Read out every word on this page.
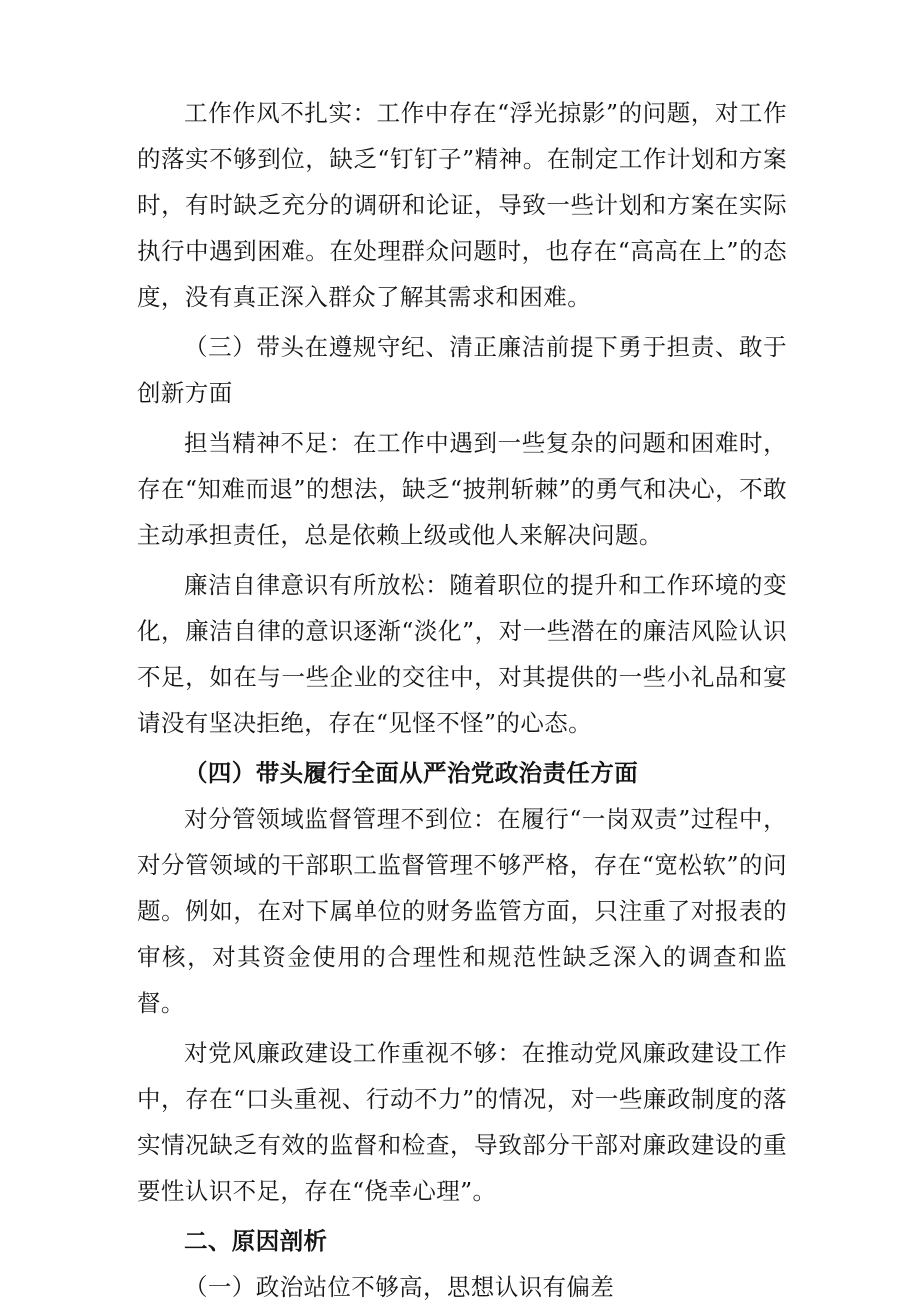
工作作风不扎实：工作中存在“浮光掠影”的问题，对工作的落实不够到位，缺乏“钉钉子”精神。在制定工作计划和方案时，有时缺乏充分的调研和论证，导致一些计划和方案在实际执行中遇到困难。在处理群众问题时，也存在“高高在上”的态度，没有真正深入群众了解其需求和困难。

（三）带头在遵规守纪、清正廉洁前提下勇于担责、敢于创新方面

担当精神不足：在工作中遇到一些复杂的问题和困难时，存在“知难而退”的想法，缺乏“披荆斩棘”的勇气和决心，不敢主动承担责任，总是依赖上级或他人来解决问题。

廉洁自律意识有所放松：随着职位的提升和工作环境的变化，廉洁自律的意识逐渐“淡化”，对一些潜在的廉洁风险认识不足，如在与一些企业的交往中，对其提供的一些小礼品和宴请没有坚决拒绝，存在“见怪不怪”的心态。

（四）带头履行全面从严治党政治责任方面

对分管领域监督管理不到位：在履行“一岗双责”过程中，对分管领域的干部职工监督管理不够严格，存在“宽松软”的问题。例如，在对下属单位的财务监管方面，只注重了对报表的审核，对其资金使用的合理性和规范性缺乏深入的调查和监督。

对党风廉政建设工作重视不够：在推动党风廉政建设工作中，存在“口头重视、行动不力”的情况，对一些廉政制度的落实情况缺乏有效的监督和检查，导致部分干部对廉政建设的重要性认识不足，存在“侥幸心理”。

二、原因剖析

（一）政治站位不够高，思想认识有偏差
